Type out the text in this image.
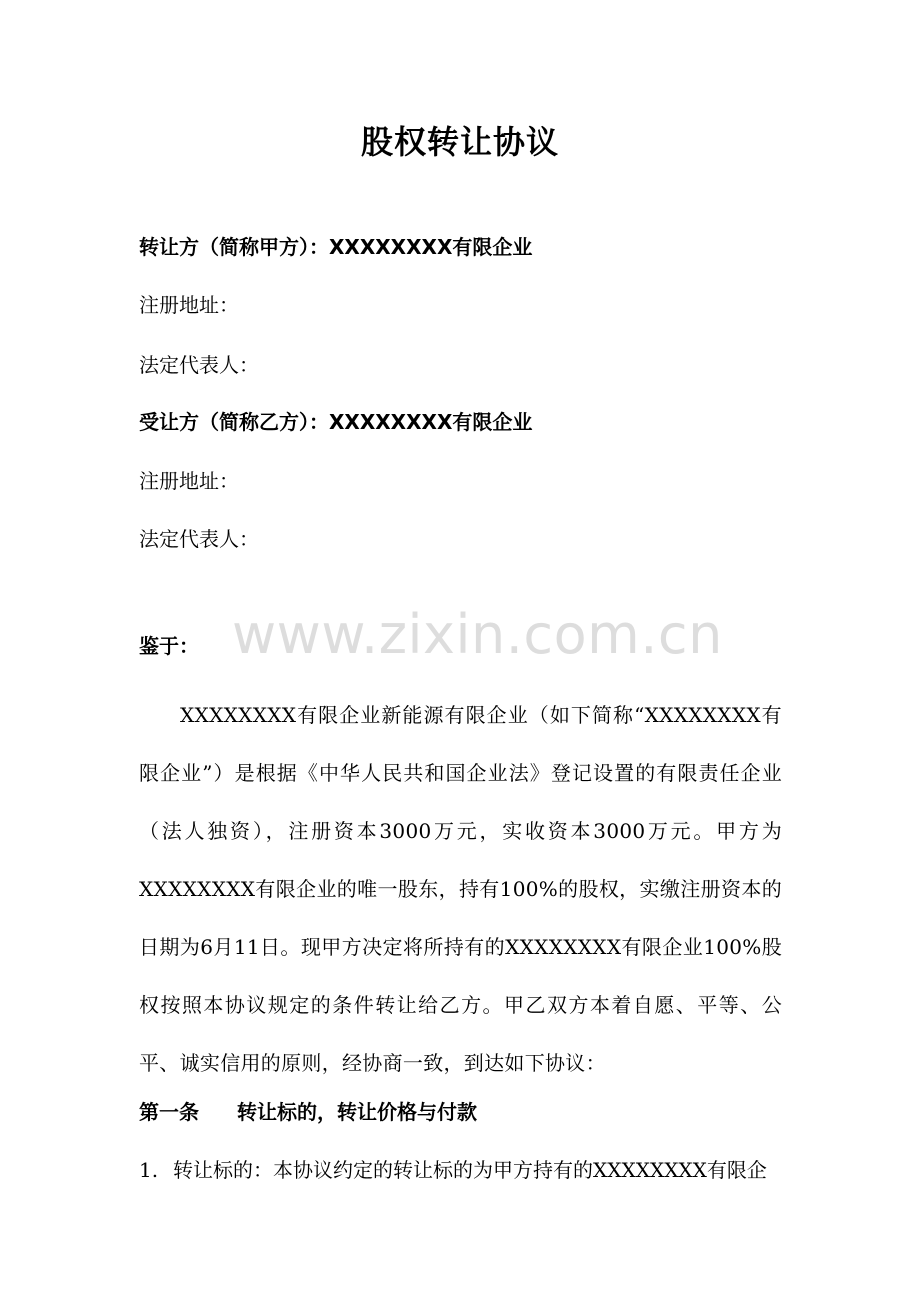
股权转让协议
转让方（简称甲方）：XXXXXXXX有限企业
注册地址：
法定代表人：
受让方（简称乙方）：XXXXXXXX有限企业
注册地址：
法定代表人：
鉴于：
XXXXXXXX有限企业新能源有限企业（如下简称“XXXXXXXX有限企业”）是根据《中华人民共和国企业法》登记设置的有限责任企业（法人独资），注册资本3000万元，实收资本3000万元。甲方为XXXXXXXX有限企业的唯一股东，持有100%的股权，实缴注册资本的日期为6月11日。现甲方决定将所持有的XXXXXXXX有限企业100%股权按照本协议规定的条件转让给乙方。甲乙双方本着自愿、平等、公平、诚实信用的原则，经协商一致，到达如下协议：
第一条 转让标的，转让价格与付款
1. 转让标的：本协议约定的转让标的为甲方持有的XXXXXXXX有限企
www.zixin.com.cn
